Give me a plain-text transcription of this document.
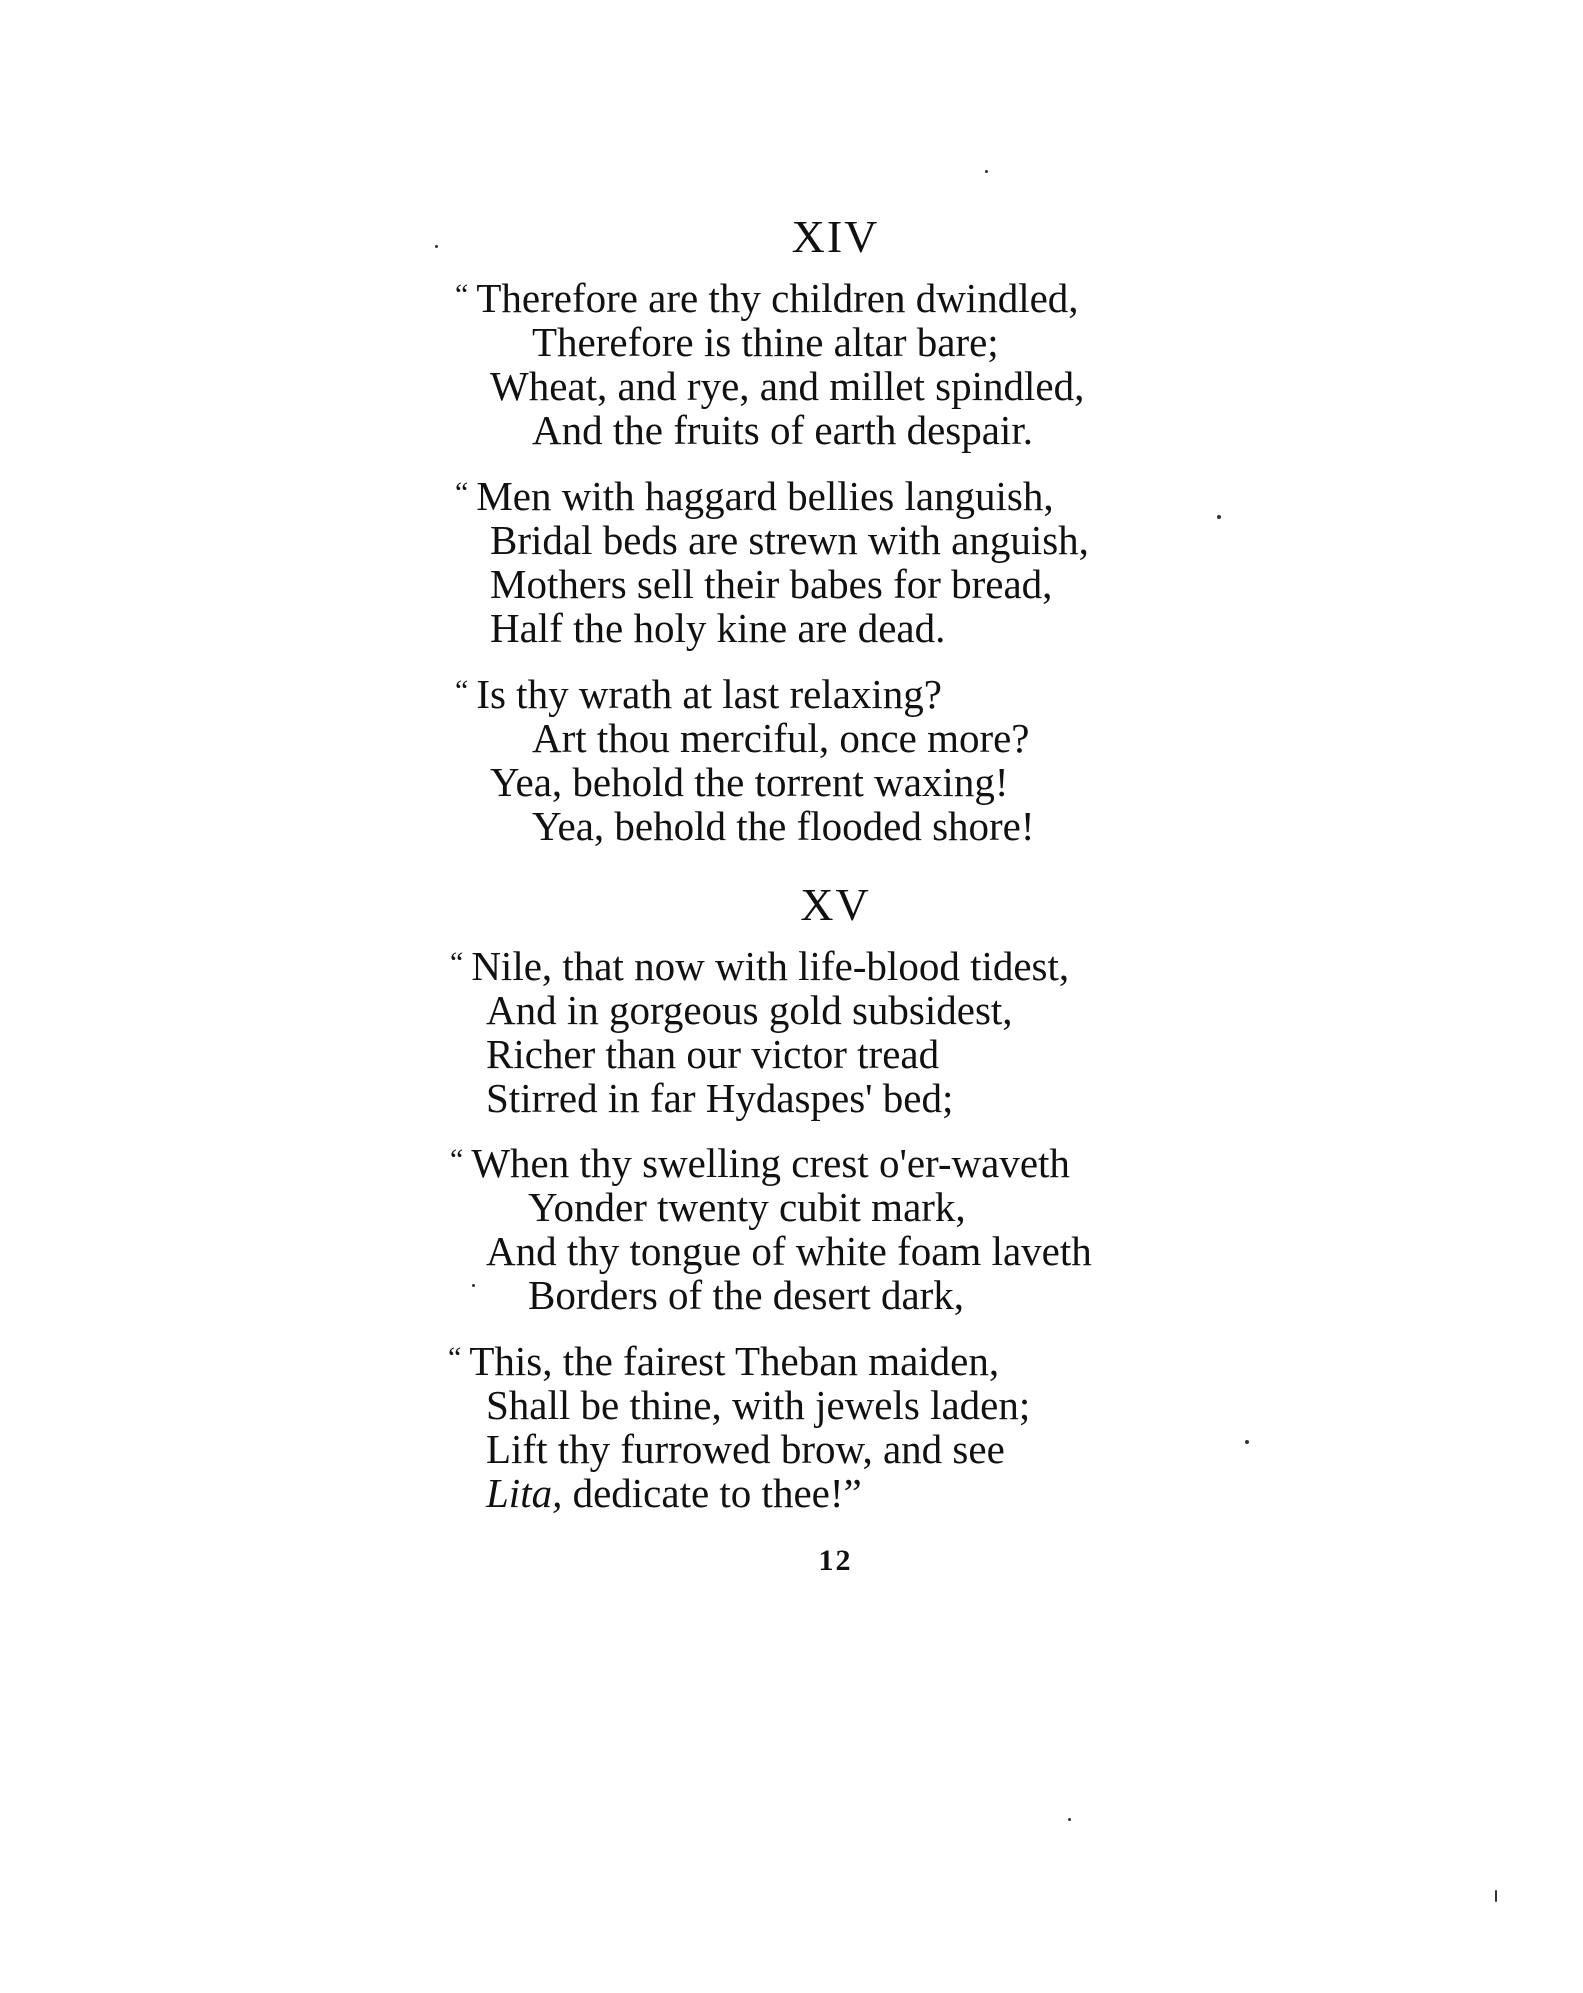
XIV
“ Therefore are thy children dwindled,
Therefore is thine altar bare;
Wheat, and rye, and millet spindled,
And the fruits of earth despair.
“ Men with haggard bellies languish,
Bridal beds are strewn with anguish,
Mothers sell their babes for bread,
Half the holy kine are dead.
“ Is thy wrath at last relaxing?
Art thou merciful, once more?
Yea, behold the torrent waxing!
Yea, behold the flooded shore!
XV
“ Nile, that now with life-blood tidest,
And in gorgeous gold subsidest,
Richer than our victor tread
Stirred in far Hydaspes' bed;
“ When thy swelling crest o'er-waveth
Yonder twenty cubit mark,
And thy tongue of white foam laveth
Borders of the desert dark,
“ This, the fairest Theban maiden,
Shall be thine, with jewels laden;
Lift thy furrowed brow, and see
Lita, dedicate to thee!”
12
